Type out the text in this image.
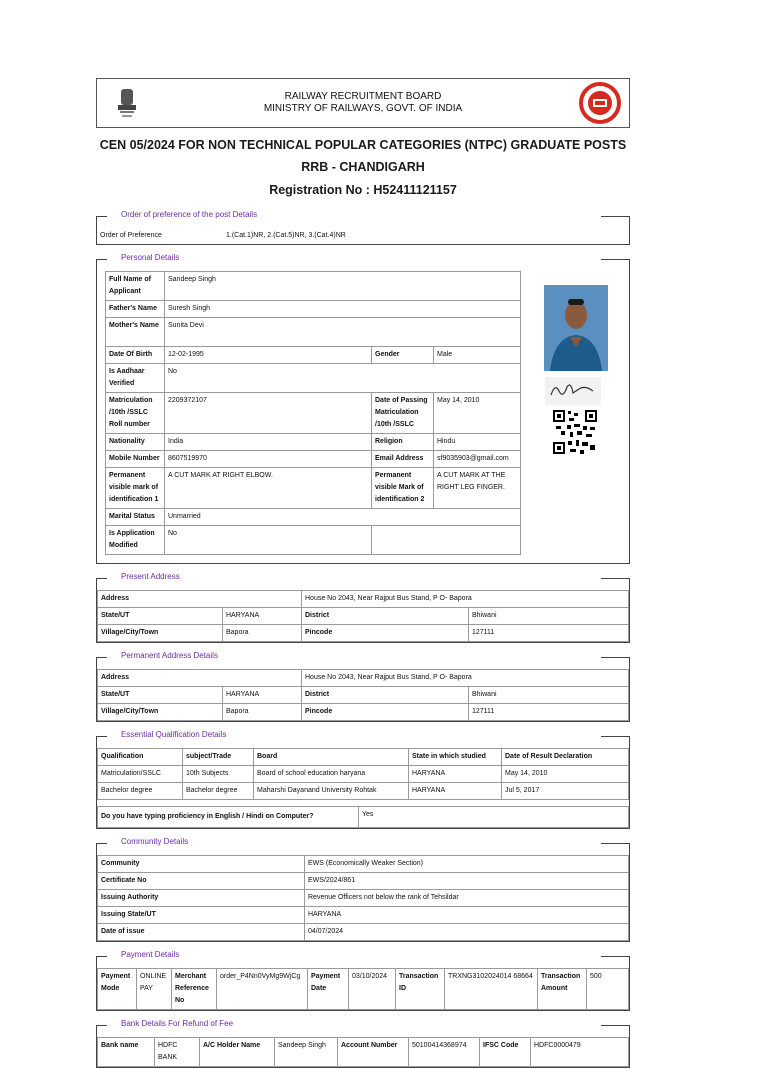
RAILWAY RECRUITMENT BOARD
MINISTRY OF RAILWAYS, GOVT. OF INDIA
CEN 05/2024 FOR NON TECHNICAL POPULAR CATEGORIES (NTPC) GRADUATE POSTS
RRB - CHANDIGARH
Registration No : H52411121157
Order of preference of the post Details
Order of Preference	1.(Cat.1)NR, 2.(Cat.5)NR, 3.(Cat.4)NR
Personal Details
Full Name of Applicant	Sandeep Singh		
Father's Name	Suresh Singh		
Mother's Name	Sunita Devi		
Date Of Birth	12-02-1995	Gender	Male
Is Aadhaar Verified	No		
Matriculation /10th /SSLC Roll number	2209372107	Date of Passing Matriculation /10th /SSLC	May 14, 2010
Nationality	India	Religion	Hindu
Mobile Number	8607519970	Email Address	sf9035903@gmail.com
Permanent visible mark of identification 1	A CUT MARK AT RIGHT ELBOW.	Permanent visible Mark of identification 2	A CUT MARK AT THE RIGHT LEG FINGER.
Marital Status	Unmarried		
Is Application Modified	No		
Present Address
Address		House No 2043, Near Rajput Bus Stand, P O- Bapora	
State/UT	HARYANA	District	Bhiwani
Village/City/Town	Bapora	Pincode	127111
Permanent Address Details
Address		House No 2043, Near Rajput Bus Stand, P O- Bapora	
State/UT	HARYANA	District	Bhiwani
Village/City/Town	Bapora	Pincode	127111
Essential Qualification Details
Qualification	subject/Trade	Board	State in which studied	Date of Result Declaration
Matriculation/SSLC	10th Subjects	Board of school education haryana	HARYANA	May 14, 2010
Bachelor degree	Bachelor degree	Maharshi Dayanand University Rohtak	HARYANA	Jul 5, 2017
Do you have typing proficiency in English / Hindi on Computer?	Yes
Community Details
Community	EWS (Economically Weaker Section)
Certificate No	EWS/2024/861
Issuing Authority	Revenue Officers not below the rank of Tehsildar
Issuing State/UT	HARYANA
Date of issue	04/07/2024
Payment Details
Payment Mode	ONLINE PAY	Merchant Reference No	order_P4Nn0VyMg9WjCg	Payment Date	03/10/2024	Transaction ID	TRXNG3102024014 68664	Transaction Amount	500
Bank Details For Refund of Fee
Bank name	HDFC BANK	A/C Holder Name	Sandeep Singh	Account Number	50100414368974	IFSC Code	HDFC0000479
